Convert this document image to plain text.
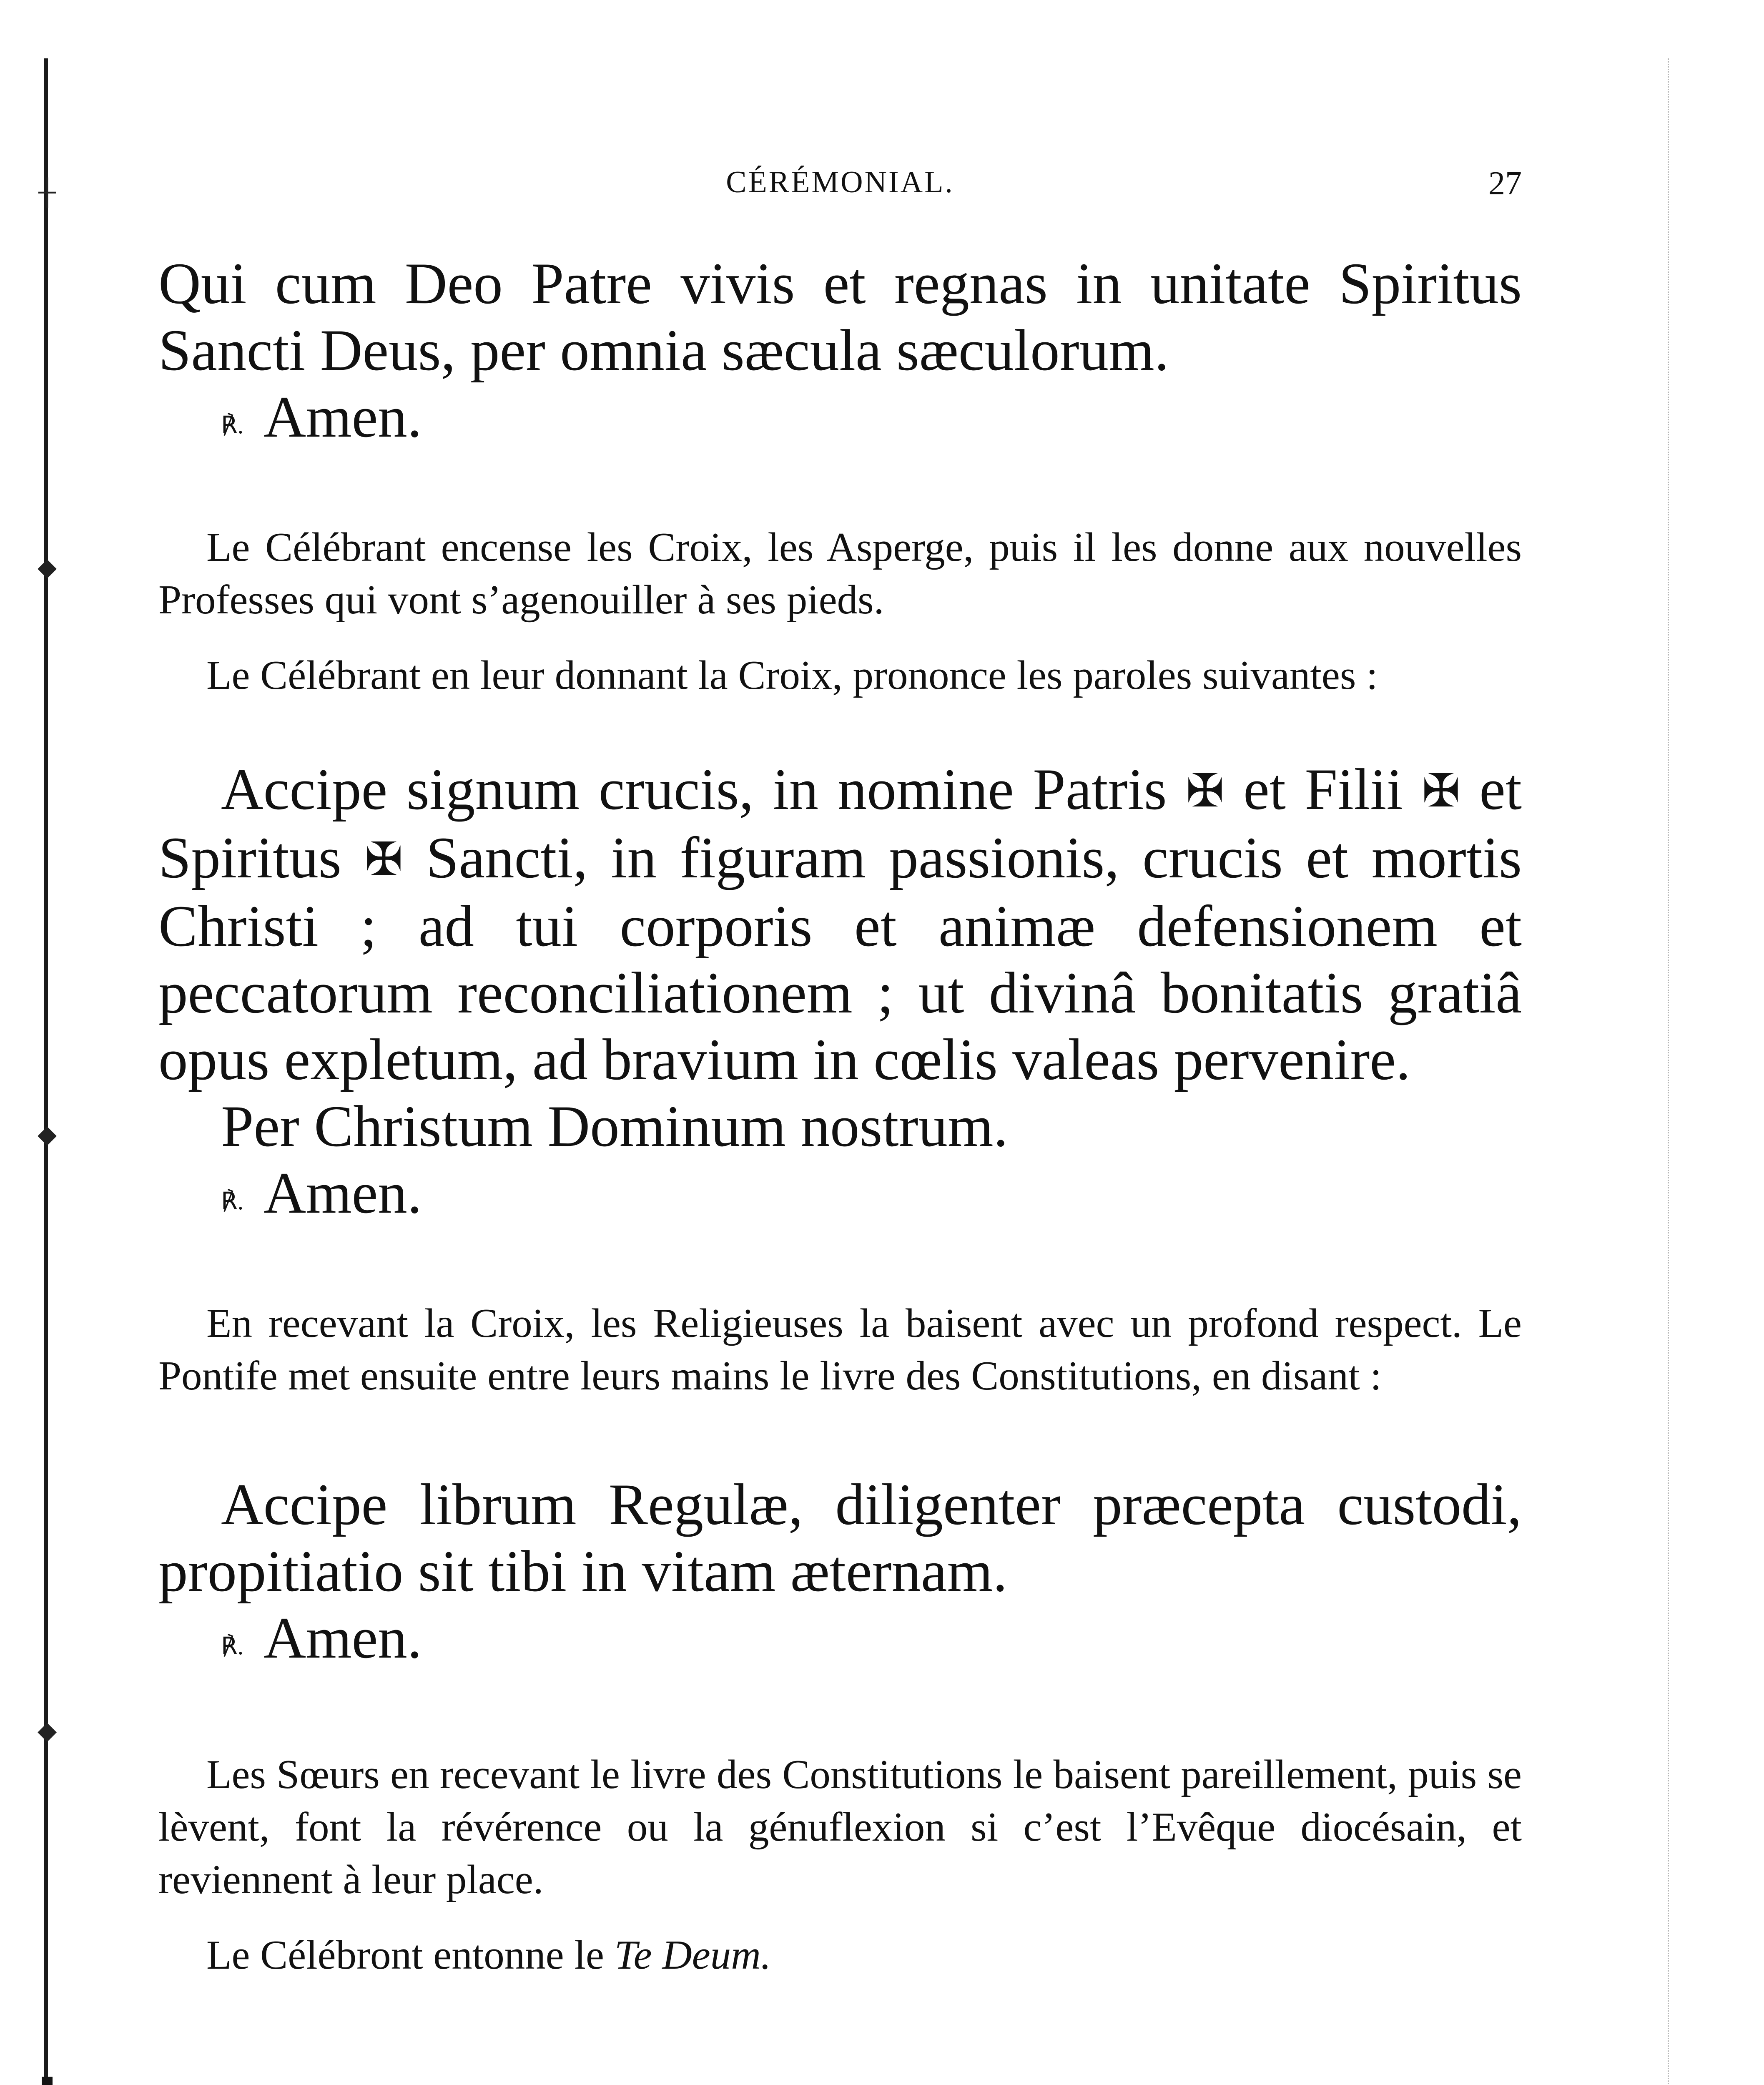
┼
◆
◆
◆
CÉRÉMONIAL.	27

Qui cum Deo Patre vivis et regnas in unitate Spiritus Sancti Deus, per omnia sæcula sæculorum.

℟. Amen.

Le Célébrant encense les Croix, les Asperge, puis il les donne aux nouvelles Professes qui vont s’agenouiller à ses pieds.

Le Célébrant en leur donnant la Croix, prononce les paroles suivantes :

Accipe signum crucis, in nomine Patris ✠ et Filii ✠ et Spiritus ✠ Sancti, in figuram passionis, crucis et mortis Christi ; ad tui corporis et animæ defensionem et peccatorum reconciliationem ; ut divinâ bonitatis gratiâ opus expletum, ad bravium in cœlis valeas pervenire.

Per Christum Dominum nostrum.

℟. Amen.

En recevant la Croix, les Religieuses la baisent avec un profond respect. Le Pontife met ensuite entre leurs mains le livre des Constitutions, en disant :

Accipe librum Regulæ, diligenter præcepta custodi, propitiatio sit tibi in vitam æternam.

℟. Amen.

Les Sœurs en recevant le livre des Constitutions le baisent pareillement, puis se lèvent, font la révérence ou la génuflexion si c’est l’Evêque diocésain, et reviennent à leur place.

Le Célébront entonne le Te Deum.
